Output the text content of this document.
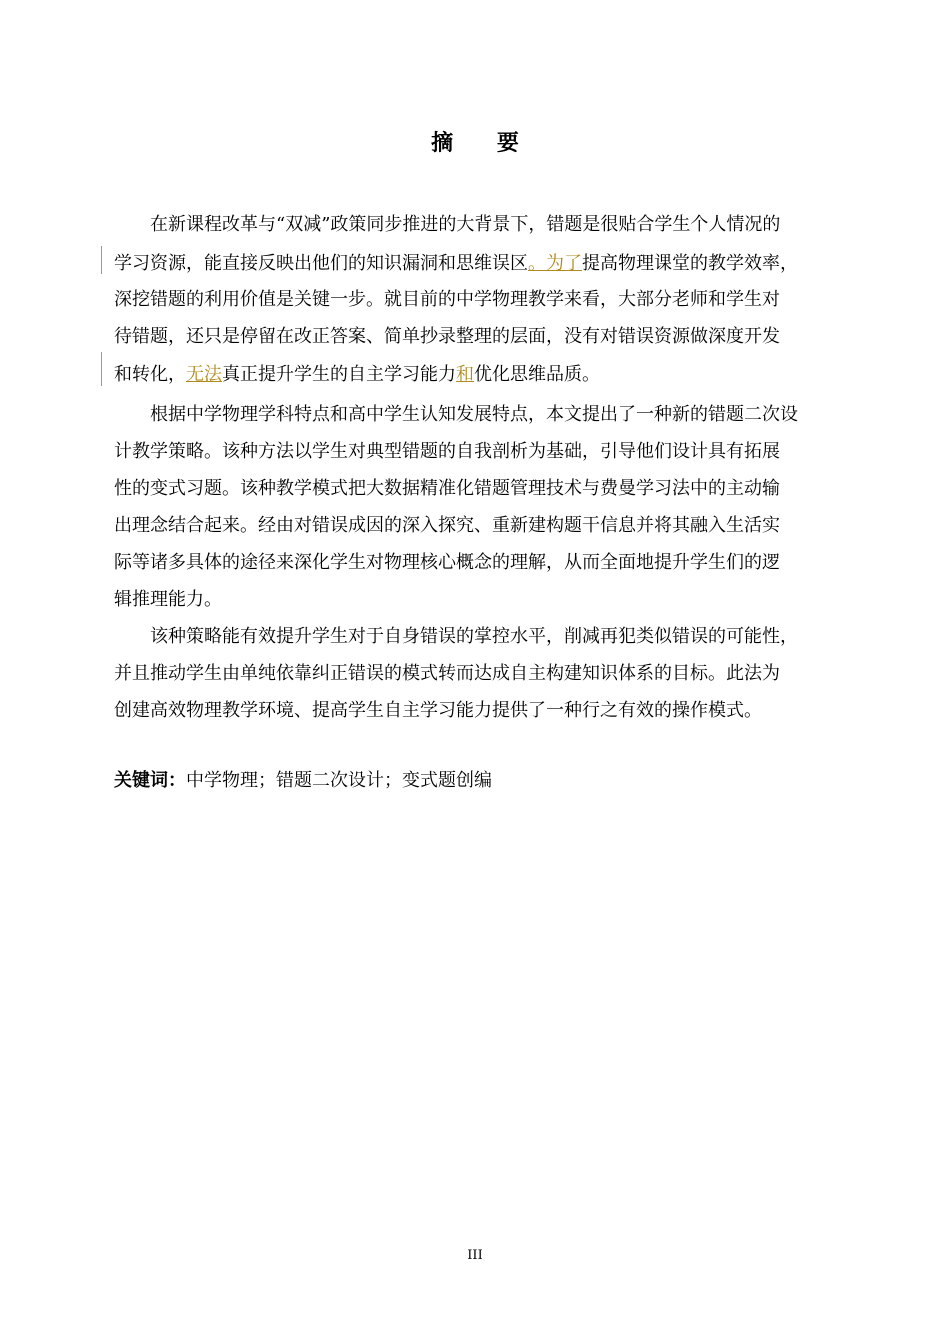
摘 要
在新课程改革与“双减”政策同步推进的大背景下，错题是很贴合学生个人情况的
学习资源，能直接反映出他们的知识漏洞和思维误区。为了提高物理课堂的教学效率，
深挖错题的利用价值是关键一步。就目前的中学物理教学来看，大部分老师和学生对
待错题，还只是停留在改正答案、简单抄录整理的层面，没有对错误资源做深度开发
和转化，无法真正提升学生的自主学习能力和优化思维品质。
根据中学物理学科特点和高中学生认知发展特点，本文提出了一种新的错题二次设
计教学策略。该种方法以学生对典型错题的自我剖析为基础，引导他们设计具有拓展
性的变式习题。该种教学模式把大数据精准化错题管理技术与费曼学习法中的主动输
出理念结合起来。经由对错误成因的深入探究、重新建构题干信息并将其融入生活实
际等诸多具体的途径来深化学生对物理核心概念的理解，从而全面地提升学生们的逻
辑推理能力。
该种策略能有效提升学生对于自身错误的掌控水平，削减再犯类似错误的可能性，
并且推动学生由单纯依靠纠正错误的模式转而达成自主构建知识体系的目标。此法为
创建高效物理教学环境、提高学生自主学习能力提供了一种行之有效的操作模式。
关键词：中学物理；错题二次设计；变式题创编
III
